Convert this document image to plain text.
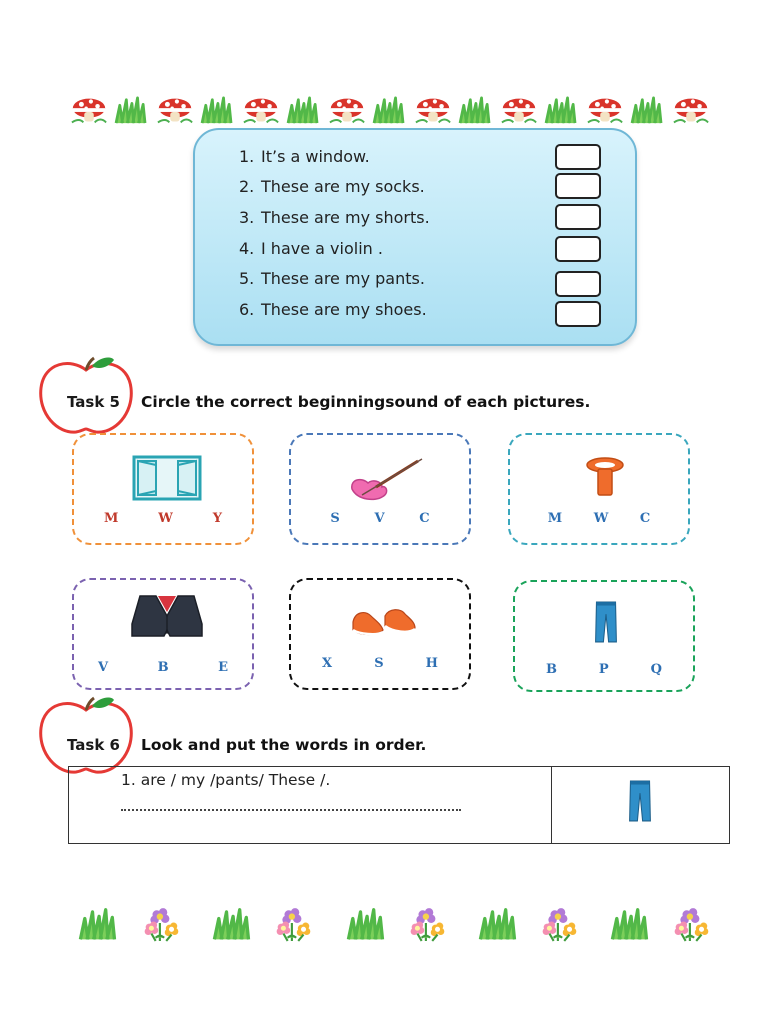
1. It’s a window.
2. These are my socks.
3. These are my shorts.
4. I have a violin .
5. These are my pants.
6. These are my shoes.
Task 5 Circle the correct beginningsound of each pictures.
M	W	Y	S	V	C	M W C
V	B	E	X	S	H	B	P	Q
Task 6 Look and put the words in order.
1. are / my /pants/ These /.
